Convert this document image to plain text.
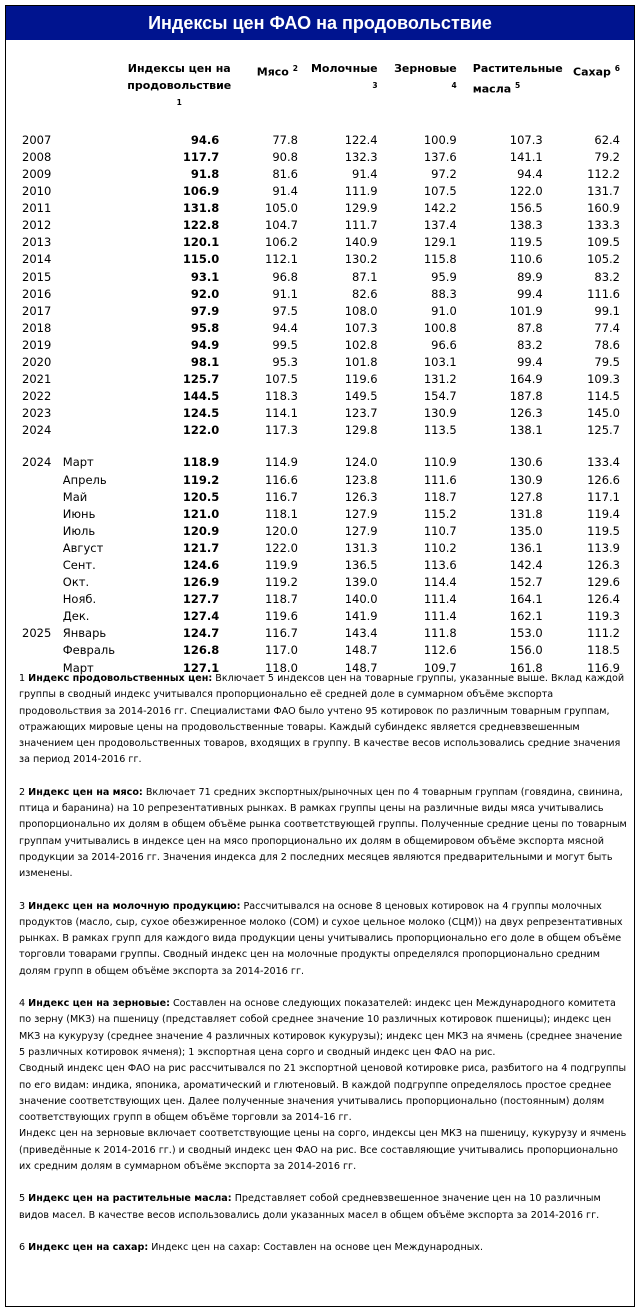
Индексы цен ФАО на продовольствие
		Индексы цен на продовольствие $^1$	Мясо $^2$	Молочные $^3$	Зерновые $^4$	Растительные масла $^5$	Сахар $^6$

2007		94.6	77.8	122.4	100.9	107.3	62.4
2008		117.7	90.8	132.3	137.6	141.1	79.2
2009		91.8	81.6	91.4	97.2	94.4	112.2
2010		106.9	91.4	111.9	107.5	122.0	131.7
2011		131.8	105.0	129.9	142.2	156.5	160.9
2012		122.8	104.7	111.7	137.4	138.3	133.3
2013		120.1	106.2	140.9	129.1	119.5	109.5
2014		115.0	112.1	130.2	115.8	110.6	105.2
2015		93.1	96.8	87.1	95.9	89.9	83.2
2016		92.0	91.1	82.6	88.3	99.4	111.6
2017		97.9	97.5	108.0	91.0	101.9	99.1
2018		95.8	94.4	107.3	100.8	87.8	77.4
2019		94.9	99.5	102.8	96.6	83.2	78.6
2020		98.1	95.3	101.8	103.1	99.4	79.5
2021		125.7	107.5	119.6	131.2	164.9	109.3
2022		144.5	118.3	149.5	154.7	187.8	114.5
2023		124.5	114.1	123.7	130.9	126.3	145.0
2024		122.0	117.3	129.8	113.5	138.1	125.7

2024	Март	118.9	114.9	124.0	110.9	130.6	133.4
	Апрель	119.2	116.6	123.8	111.6	130.9	126.6
	Май	120.5	116.7	126.3	118.7	127.8	117.1
	Июнь	121.0	118.1	127.9	115.2	131.8	119.4
	Июль	120.9	120.0	127.9	110.7	135.0	119.5
	Август	121.7	122.0	131.3	110.2	136.1	113.9
	Сент.	124.6	119.9	136.5	113.6	142.4	126.3
	Окт.	126.9	119.2	139.0	114.4	152.7	129.6
	Нояб.	127.7	118.7	140.0	111.4	164.1	126.4
	Дек.	127.4	119.6	141.9	111.4	162.1	119.3
2025	Январь	124.7	116.7	143.4	111.8	153.0	111.2
	Февраль	126.8	117.0	148.7	112.6	156.0	118.5
	Март	127.1	118.0	148.7	109.7	161.8	116.9

1 Индекс продовольственных цен: Включает 5 индексов цен на товарные группы, указанные выше. Вклад каждой группы в сводный индекс учитывался пропорционально её средней доле в суммарном объёме экспорта продовольствия за 2014-2016 гг. Специалистами ФАО было учтено 95 котировок по различным товарным группам, отражающих мировые цены на продовольственные товары. Каждый субиндекс является средневзвешенным значением цен продовольственных товаров, входящих в группу. В качестве весов использовались средние значения за период 2014-2016 гг.

2 Индекс цен на мясо: Включает 71 средних экспортных/рыночных цен по 4 товарным группам (говядина, свинина, птица и баранина) на 10 репрезентативных рынках. В рамках группы цены на различные виды мяса учитывались пропорционально их долям в общем объёме рынка соответствующей группы. Полученные средние цены по товарным группам учитывались в индексе цен на мясо пропорционально их долям в общемировом объёме экспорта мясной продукции за 2014-2016 гг. Значения индекса для 2 последних месяцев являются предварительными и могут быть изменены.

3 Индекс цен на молочную продукцию: Рассчитывался на основе 8 ценовых котировок на 4 группы молочных продуктов (масло, сыр, сухое обезжиренное молоко (СОМ) и сухое цельное молоко (СЦМ)) на двух репрезентативных рынках. В рамках групп для каждого вида продукции цены учитывались пропорционально его доле в общем объёме торговли товарами группы. Сводный индекс цен на молочные продукты определялся пропорционально средним долям групп в общем объёме экспорта за 2014-2016 гг.

4 Индекс цен на зерновые: Составлен на основе следующих показателей: индекс цен Международного комитета по зерну (МКЗ) на пшеницу (представляет собой среднее значение 10 различных котировок пшеницы); индекс цен МКЗ на кукурузу (среднее значение 4 различных котировок кукурузы); индекс цен МКЗ на ячмень (среднее значение 5 различных котировок ячменя); 1 экспортная цена сорго и сводный индекс цен ФАО на рис.

Сводный индекс цен ФАО на рис рассчитывался по 21 экспортной ценовой котировке риса, разбитого на 4 подгруппы по его видам: индика, японика, ароматический и глютеновый. В каждой подгруппе определялось простое среднее значение соответствующих цен. Далее полученные значения учитывались пропорционально (постоянным) долям соответствующих групп в общем объёме торговли за 2014-16 гг.

Индекс цен на зерновые включает соответствующие цены на сорго, индексы цен МКЗ на пшеницу, кукурузу и ячмень (приведённые к 2014-2016 гг.) и сводный индекс цен ФАО на рис. Все составляющие учитывались пропорционально их средним долям в суммарном объёме экспорта за 2014-2016 гг.

5 Индекс цен на растительные масла: Представляет собой средневзвешенное значение цен на 10 различным видов масел. В качестве весов использовались доли указанных масел в общем объёме экспорта за 2014-2016 гг.

6 Индекс цен на сахар: Индекс цен на сахар: Составлен на основе цен Международных.
